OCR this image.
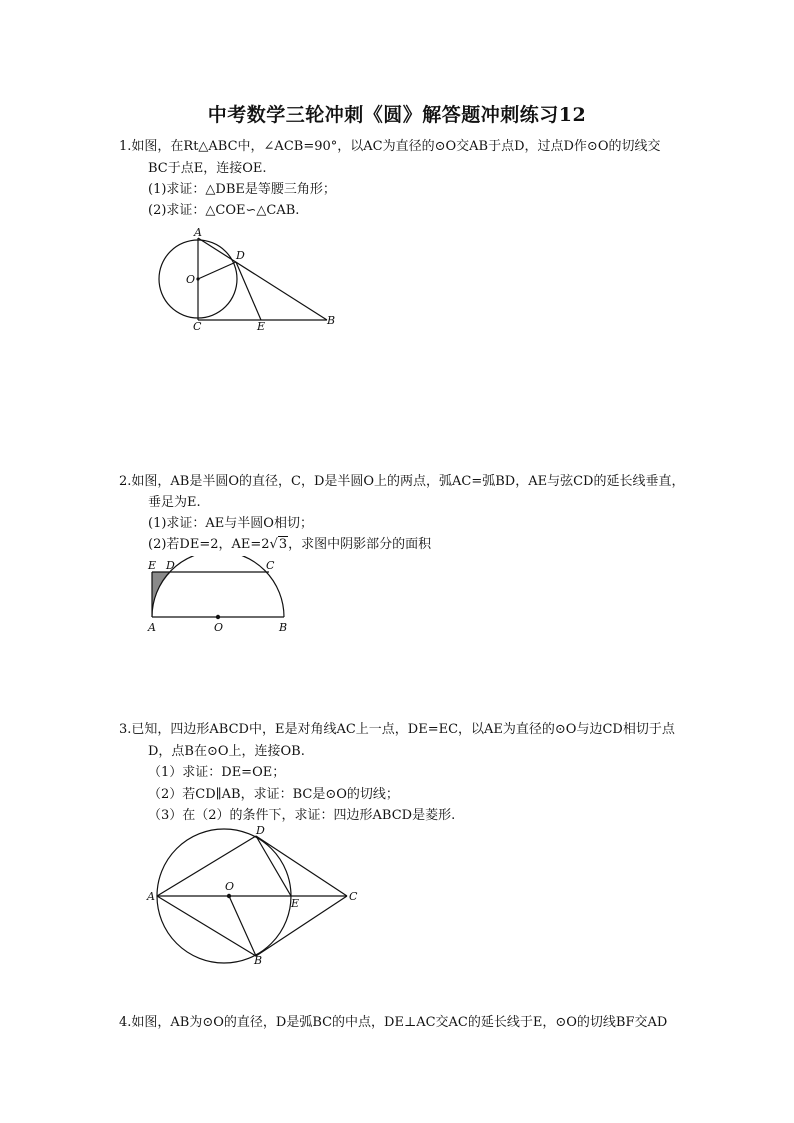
中考数学三轮冲刺《圆》解答题冲刺练习12
1.如图，在Rt△ABC中，∠ACB=90°，以AC为直径的⊙O交AB于点D，过点D作⊙O的切线交
BC于点E，连接OE.
(1)求证：△DBE是等腰三角形；
(2)求证：△COE∽△CAB.
A
D
O
C	E	B
2.如图，AB是半圆O的直径，C，D是半圆O上的两点，弧AC=弧BD，AE与弦CD的延长线垂直，
垂足为E.
(1)求证：AE与半圆O相切；
(2)若DE=2，AE=2√3，求图中阴影部分的面积
E D	C
A	O	B
3.已知，四边形ABCD中，E是对角线AC上一点，DE=EC，以AE为直径的⊙O与边CD相切于点
D，点B在⊙O上，连接OB.
（1）求证：DE=OE；
（2）若CD∥AB，求证：BC是⊙O的切线；
（3）在（2）的条件下，求证：四边形ABCD是菱形.
D
A
O
E
C
B
4.如图，AB为⊙O的直径，D是弧BC的中点，DE⊥AC交AC的延长线于E，⊙O的切线BF交AD
